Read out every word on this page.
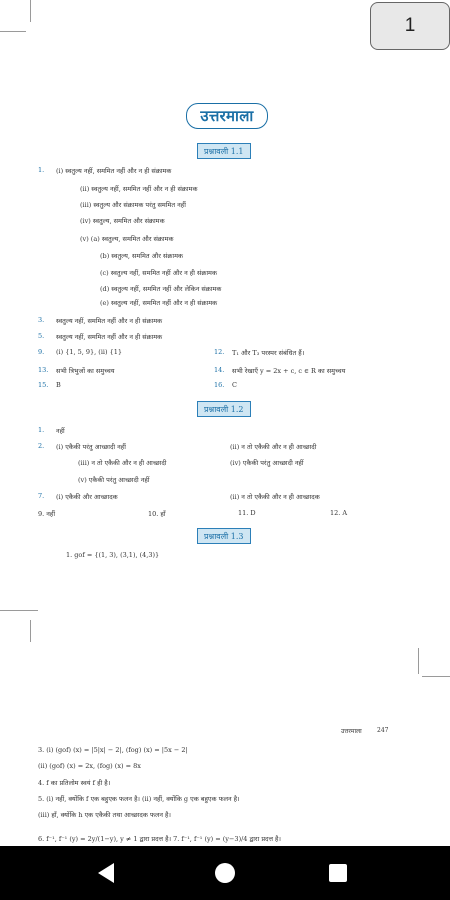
1
उत्तरमाला
प्रश्नावली 1.1
1. (i) स्वतुल्य नहीं, सममित नहीं और न ही संक्रामक
(ii) स्वतुल्य नहीं, सममित नहीं और न ही संक्रामक
(iii) स्वतुल्य और संक्रामक परंतु सममित नहीं
(iv) स्वतुल्य, सममित और संक्रामक
(v) (a) स्वतुल्य, सममित और संक्रामक
(b) स्वतुल्य, सममित और संक्रामक
(c) स्वतुल्य नहीं, सममित नहीं और न ही संक्रामक
(d) स्वतुल्य नहीं, सममित नहीं और लेकिन संक्रामक
(e) स्वतुल्य नहीं, सममित नहीं और न ही संक्रामक
3. स्वतुल्य नहीं, सममित नहीं और न ही संक्रामक
5. स्वतुल्य नहीं, सममित नहीं और न ही संक्रामक
9. (i) {1, 5, 9}, (ii) {1}	12. T₁ और T₃ परस्पर संबंधित हैं।
13. सभी त्रिभुजों का समुच्चय	14. सभी रेखाएँ y = 2x + c, c ∈ R का समुच्चय
15. B	16. C
प्रश्नावली 1.2
1. नहीं
2. (i) एकैकी परंतु आच्छादी नहीं	(ii) न तो एकैकी और न ही आच्छादी
(iii) न तो एकैकी और न ही आच्छादी	(iv) एकैकी परंतु आच्छादी नहीं
(v) एकैकी परंतु आच्छादी नहीं
7. (i) एकैकी और आच्छादक	(ii) न तो एकैकी और न ही आच्छादक
9. नहीं	10. हाँ	11. D	12. A
प्रश्नावली 1.3
1. gof = {(1, 3), (3,1), (4,3)}
उत्तरमाला	247
3. (i) (gof) (x) = |5|x| − 2|, (fog) (x) = |5x − 2|
(ii) (gof) (x) = 2x, (fog) (x) = 8x
4. f का प्रतिलोम स्वयं f ही है।
5. (i) नहीं, क्योंकि f एक बहुएक फलन है। (ii) नहीं, क्योंकि g एक बहुएक फलन है।
(iii) हाँ, क्योंकि h एक एकैकी तथा आच्छादक फलन है।
6. f⁻¹, f⁻¹ (y) = 2y/(1−y), y ≠ 1 द्वारा प्रदत्त है। 7. f⁻¹, f⁻¹ (y) = (y−3)/4 द्वारा प्रदत्त है।
